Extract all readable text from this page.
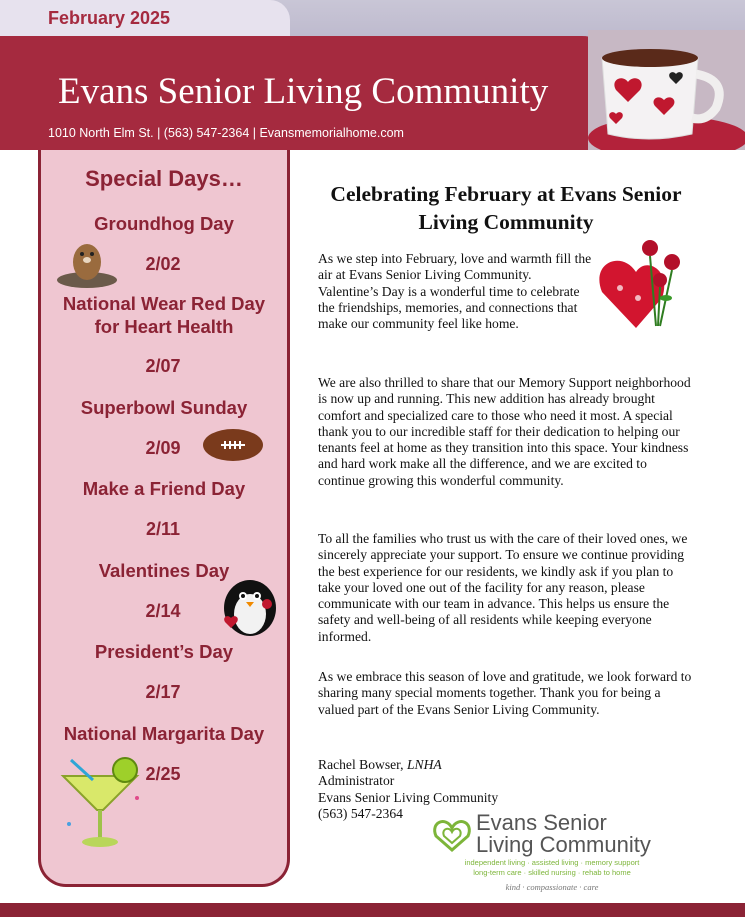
February 2025
Evans Senior Living Community
1010 North Elm St. | (563) 547-2364 | Evansmemorialhome.com
Special Days…
Groundhog Day
2/02
National Wear Red Day for Heart Health
2/07
Superbowl Sunday
2/09
Make a Friend Day
2/11
Valentines Day
2/14
President’s Day
2/17
National Margarita Day
2/25
Celebrating February at Evans Senior Living Community
As we step into February, love and warmth fill the air at Evans Senior Living Community. Valentine’s Day is a wonderful time to celebrate the friendships, memories, and connections that make our community feel like home.
We are also thrilled to share that our Memory Support neighborhood is now up and running. This new addition has already brought comfort and specialized care to those who need it most. A special thank you to our incredible staff for their dedication to helping our tenants feel at home as they transition into this space. Your kindness and hard work make all the difference, and we are excited to continue growing this wonderful community.
To all the families who trust us with the care of their loved ones, we sincerely appreciate your support. To ensure we continue providing the best experience for our residents, we kindly ask if you plan to take your loved one out of the facility for any reason, please communicate with our team in advance. This helps us ensure the safety and well-being of all residents while keeping everyone informed.
As we embrace this season of love and gratitude, we look forward to sharing many special moments together. Thank you for being a valued part of the Evans Senior Living Community.
Rachel Bowser, LNHA
Administrator
Evans Senior Living Community
(563) 547-2364	Evans Senior
Living Community
independent living · assisted living · memory support
long-term care · skilled nursing · rehab to home
kind · compassionate · care
